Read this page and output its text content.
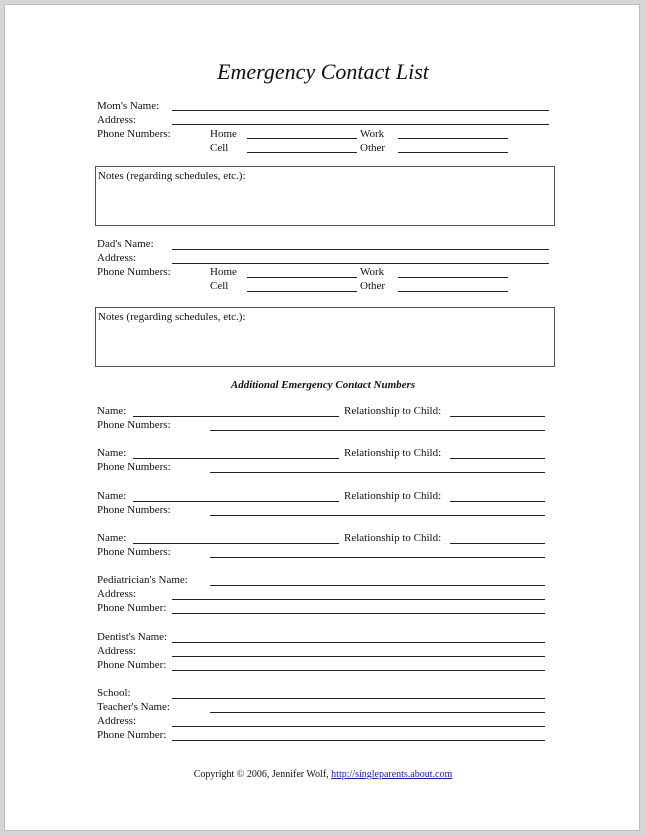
Emergency Contact List
Mom's Name:
Address:
Phone Numbers:	Home	Work
Cell	Other
Notes (regarding schedules, etc.):
Dad's Name:
Address:
Phone Numbers:	Home	Work
Cell	Other
Notes (regarding schedules, etc.):
Additional Emergency Contact Numbers
Name:	Relationship to Child:
Phone Numbers:
Name:	Relationship to Child:
Phone Numbers:
Name:	Relationship to Child:
Phone Numbers:
Name:	Relationship to Child:
Phone Numbers:
Pediatrician's Name:
Address:
Phone Number:
Dentist's Name:
Address:
Phone Number:
School:
Teacher's Name:
Address:
Phone Number:
Copyright © 2006, Jennifer Wolf, http://singleparents.about.com
